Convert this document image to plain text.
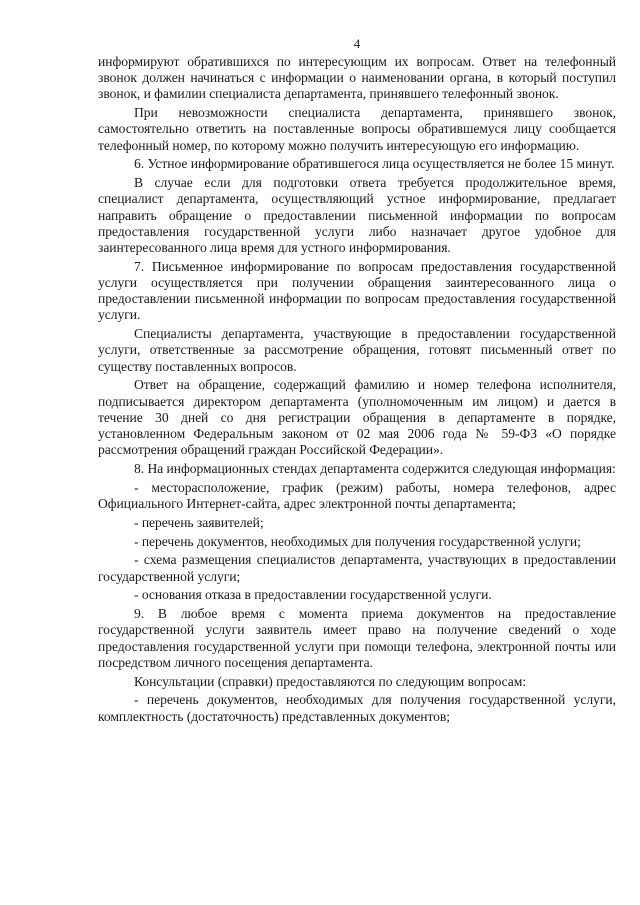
4

информируют обратившихся по интересующим их вопросам. Ответ на телефонный звонок должен начинаться с информации о наименовании органа, в который поступил звонок, и фамилии специалиста департамента, принявшего телефонный звонок.

При невозможности специалиста департамента, принявшего звонок, самостоятельно ответить на поставленные вопросы обратившемуся лицу сообщается телефонный номер, по которому можно получить интересующую его информацию.

6. Устное информирование обратившегося лица осуществляется не более 15 минут.

В случае если для подготовки ответа требуется продолжительное время, специалист департамента, осуществляющий устное информирование, предлагает направить обращение о предоставлении письменной информации по вопросам предоставления государственной услуги либо назначает другое удобное для заинтересованного лица время для устного информирования.

7. Письменное информирование по вопросам предоставления государственной услуги осуществляется при получении обращения заинтересованного лица о предоставлении письменной информации по вопросам предоставления государственной услуги.

Специалисты департамента, участвующие в предоставлении государственной услуги, ответственные за рассмотрение обращения, готовят письменный ответ по существу поставленных вопросов.

Ответ на обращение, содержащий фамилию и номер телефона исполнителя, подписывается директором департамента (уполномоченным им лицом) и дается в течение 30 дней со дня регистрации обращения в департаменте в порядке, установленном Федеральным законом от 02 мая 2006 года № 59-ФЗ «О порядке рассмотрения обращений граждан Российской Федерации».

8. На информационных стендах департамента содержится следующая информация:

- месторасположение, график (режим) работы, номера телефонов, адрес Официального Интернет-сайта, адрес электронной почты департамента;

- перечень заявителей;

- перечень документов, необходимых для получения государственной услуги;

- схема размещения специалистов департамента, участвующих в предоставлении государственной услуги;

- основания отказа в предоставлении государственной услуги.

9. В любое время с момента приема документов на предоставление государственной услуги заявитель имеет право на получение сведений о ходе предоставления государственной услуги при помощи телефона, электронной почты или посредством личного посещения департамента.

Консультации (справки) предоставляются по следующим вопросам:

- перечень документов, необходимых для получения государственной услуги, комплектность (достаточность) представленных документов;
